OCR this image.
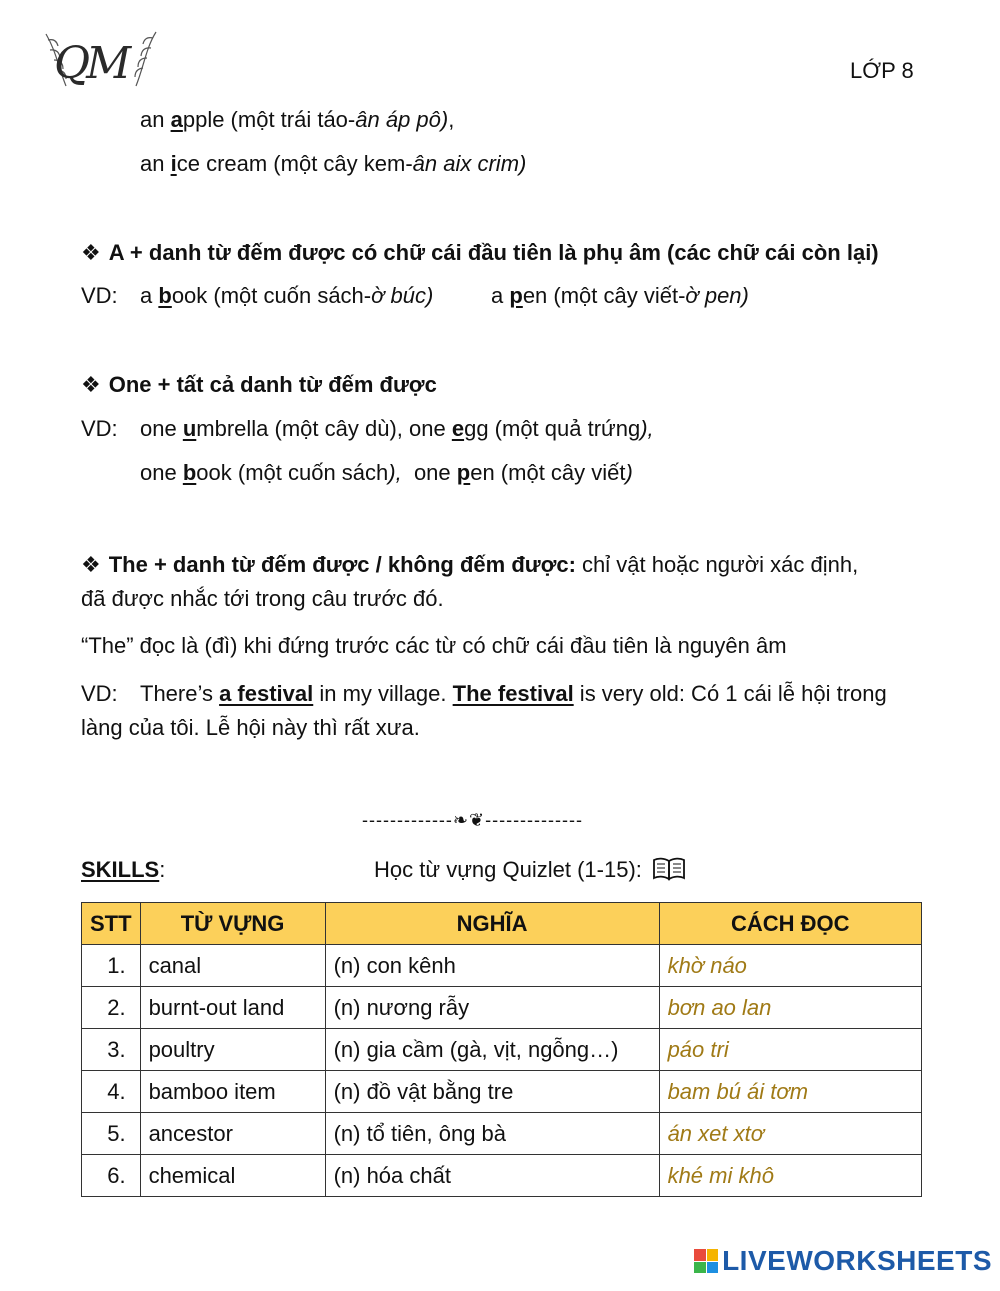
QM	LỚP 8
an apple (một trái táo-ân áp pô),
an ice cream (một cây kem-ân aix crim)
❖ A + danh từ đếm được có chữ cái đầu tiên là phụ âm (các chữ cái còn lại)
VD: a book (một cuốn sách-ờ búc)	a pen (một cây viết-ờ pen)
❖ One + tất cả danh từ đếm được
VD: one umbrella (một cây dù), one egg (một quả trứng),
one book (một cuốn sách),  one pen (một cây viết)
❖ The + danh từ đếm được / không đếm được: chỉ vật hoặc người xác định,
đã được nhắc tới trong câu trước đó.
“The” đọc là (đì) khi đứng trước các từ có chữ cái đầu tiên là nguyên âm
VD: There’s a festival in my village. The festival is very old: Có 1 cái lễ hội trong
làng của tôi. Lễ hội này thì rất xưa.
-------------❧❦--------------
SKILLS:	Học từ vựng Quizlet (1-15):
STT	TỪ VỰNG	NGHĨA	CÁCH ĐỌC
1.	canal	(n) con kênh	khờ náo
2.	burnt-out land	(n) nương rẫy	bơn ao lan
3.	poultry	(n) gia cầm (gà, vịt, ngỗng…)	páo tri
4.	bamboo item	(n) đồ vật bằng tre	bam bú ái tơm
5.	ancestor	(n) tổ tiên, ông bà	án xet xtơ
6.	chemical	(n) hóa chất	khé mi khô
LIVEWORKSHEETS
